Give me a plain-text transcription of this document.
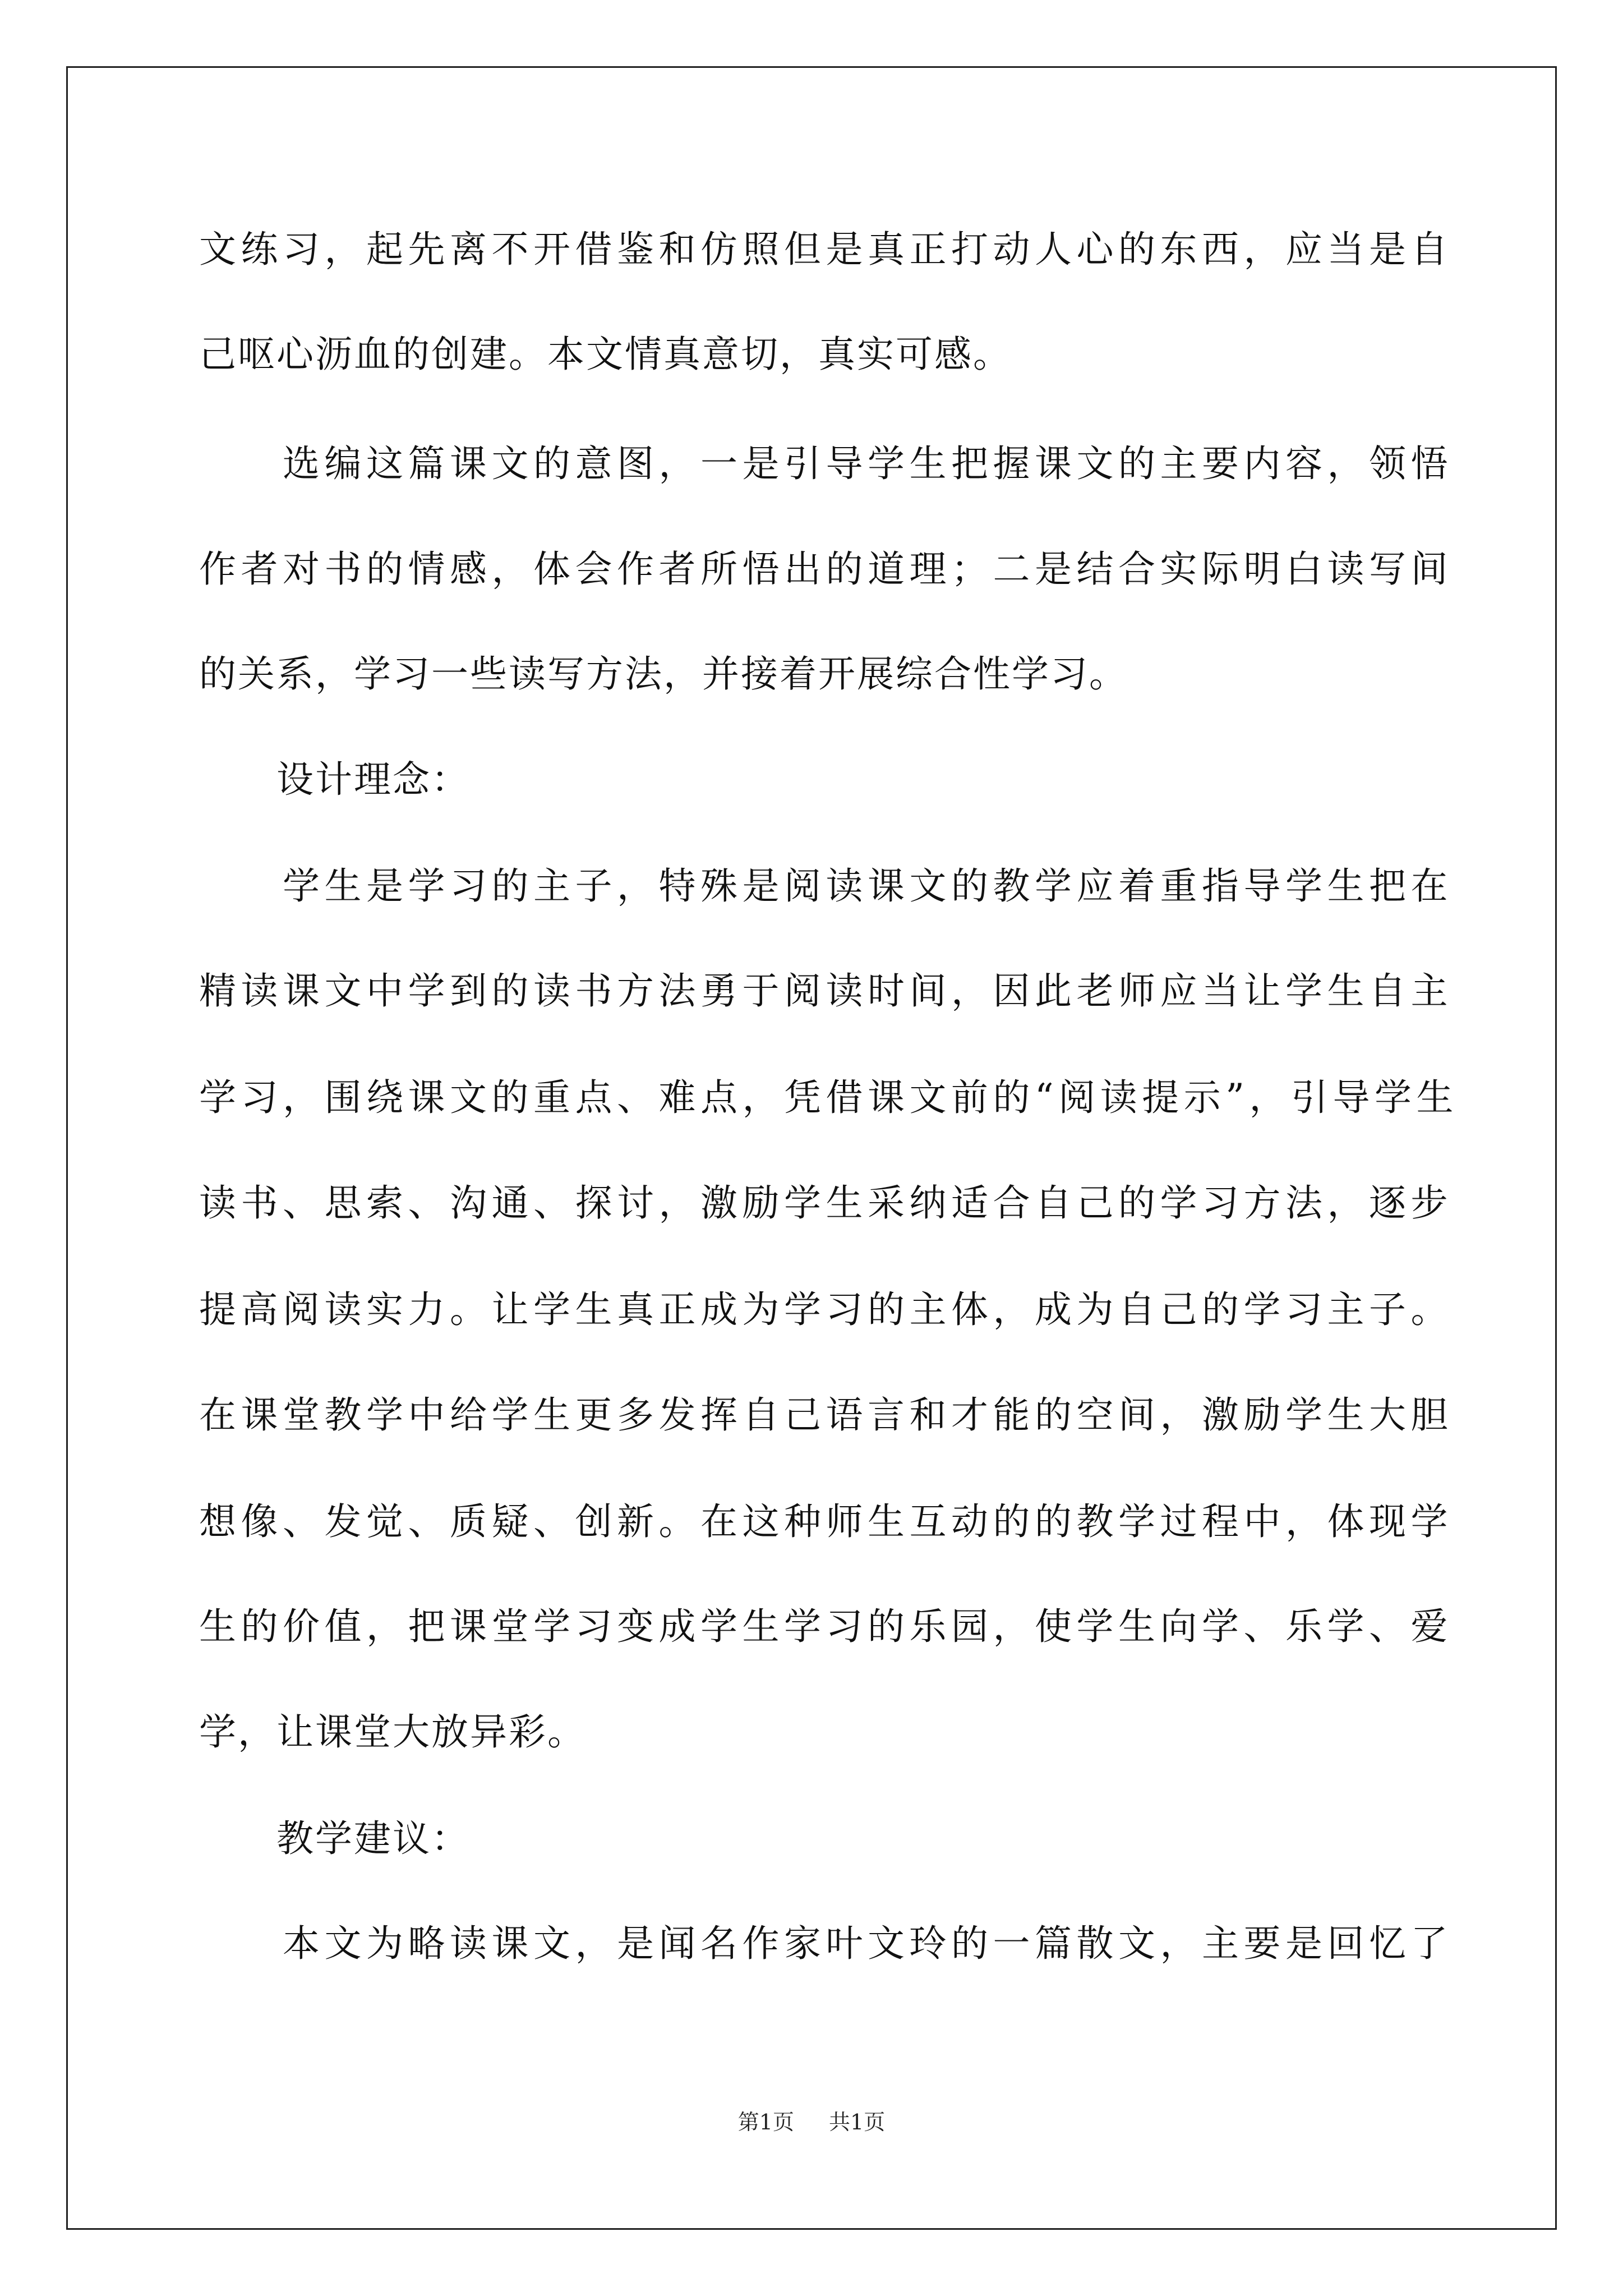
文练习，起先离不开借鉴和仿照但是真正打动人心的东西，应当是自

己呕心沥血的创建。本文情真意切，真实可感。

　　选编这篇课文的意图，一是引导学生把握课文的主要内容，领悟

作者对书的情感，体会作者所悟出的道理；二是结合实际明白读写间

的关系，学习一些读写方法，并接着开展综合性学习。

　　设计理念：

　　学生是学习的主子，特殊是阅读课文的教学应着重指导学生把在

精读课文中学到的读书方法勇于阅读时间，因此老师应当让学生自主

学习，围绕课文的重点、难点，凭借课文前的“阅读提示”，引导学生

读书、思索、沟通、探讨，激励学生采纳适合自己的学习方法，逐步

提高阅读实力。让学生真正成为学习的主体，成为自己的学习主子。

在课堂教学中给学生更多发挥自己语言和才能的空间，激励学生大胆

想像、发觉、质疑、创新。在这种师生互动的的教学过程中，体现学

生的价值，把课堂学习变成学生学习的乐园，使学生向学、乐学、爱

学，让课堂大放异彩。

　　教学建议：

　　本文为略读课文，是闻名作家叶文玲的一篇散文，主要是回忆了

第1页 共1页
